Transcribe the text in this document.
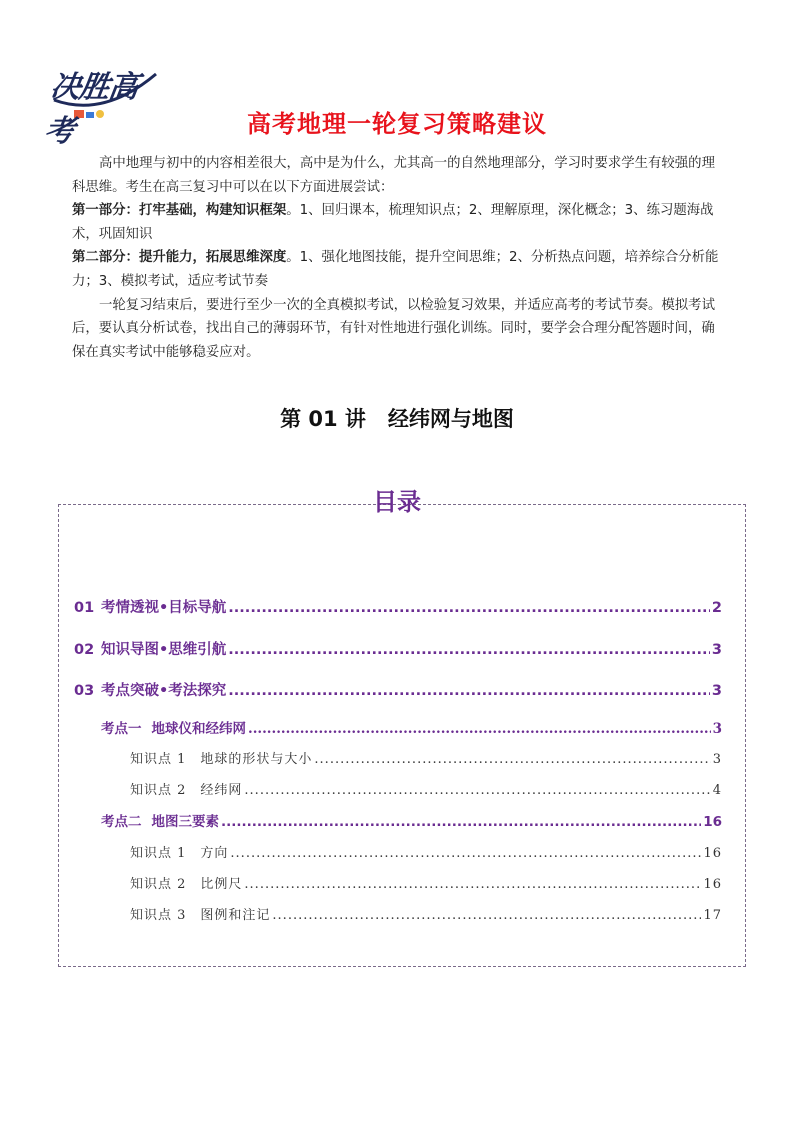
决胜高考	高考地理一轮复习策略建议

高中地理与初中的内容相差很大，高中是为什么，尤其高一的自然地理部分，学习时要求学生有较强的理科思维。考生在高三复习中可以在以下方面进展尝试：

第一部分：打牢基础，构建知识框架。1、回归课本，梳理知识点；2、理解原理，深化概念；3、练习题海战术，巩固知识

第二部分：提升能力，拓展思维深度。1、强化地图技能，提升空间思维；2、分析热点问题，培养综合分析能力；3、模拟考试，适应考试节奏

一轮复习结束后，要进行至少一次的全真模拟考试，以检验复习效果，并适应高考的考试节奏。模拟考试后，要认真分析试卷，找出自己的薄弱环节，有针对性地进行强化训练。同时，要学会合理分配答题时间，确保在真实考试中能够稳妥应对。

第 01 讲 经纬网与地图
目录
01 考情透视•目标导航 .....	2
02 知识导图•思维引航 .....	3
03 考点突破•考法探究 .....	3
考点一 地球仪和经纬网 .....	3
知识点 1 地球的形状与大小 .....	3
知识点 2 经纬网 .....	4
考点二 地图三要素 .....	16
知识点 1 方向 .....	16
知识点 2 比例尺 .....	16
知识点 3 图例和注记 .....	17
